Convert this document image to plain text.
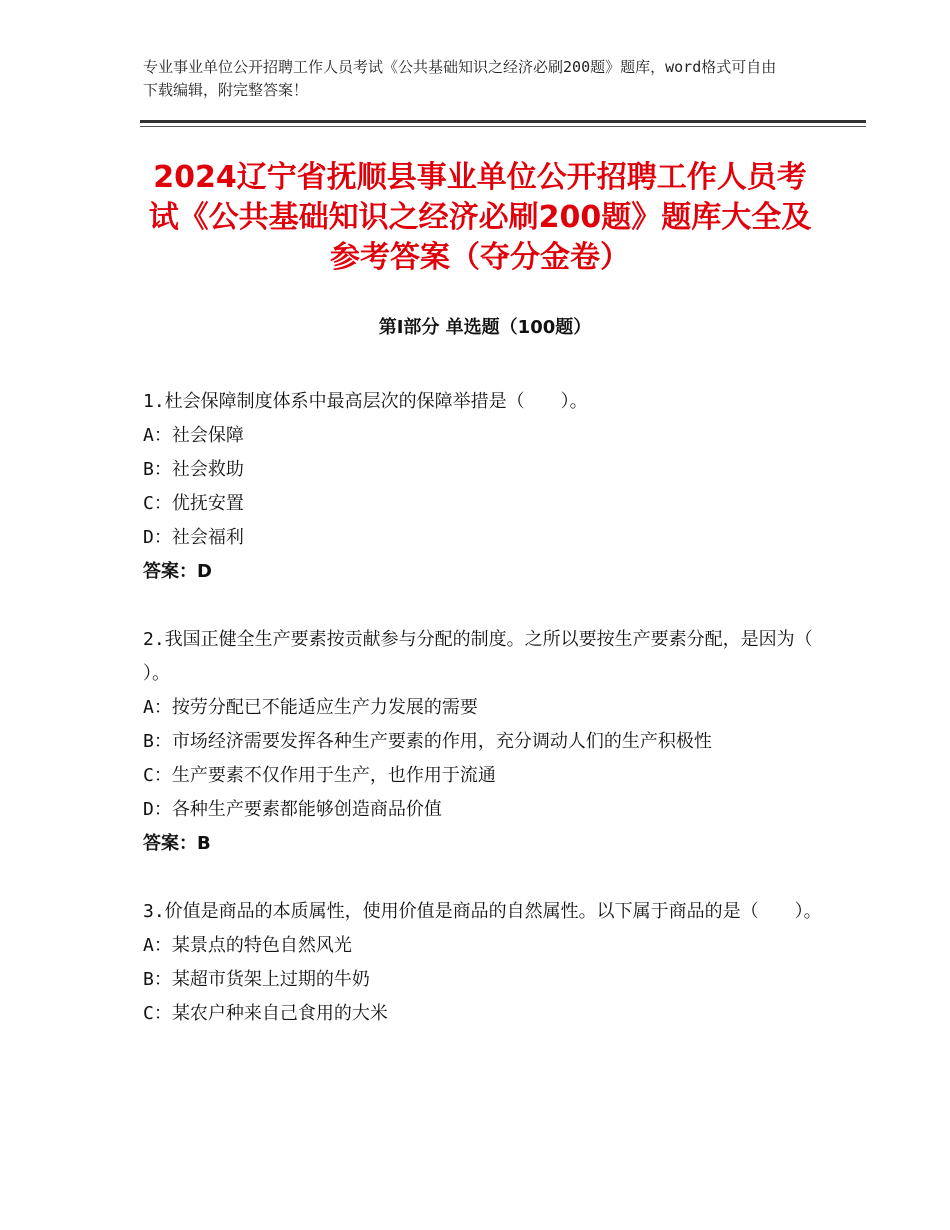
专业事业单位公开招聘工作人员考试《公共基础知识之经济必刷200题》题库，word格式可自由下载编辑，附完整答案！
2024辽宁省抚顺县事业单位公开招聘工作人员考试《公共基础知识之经济必刷200题》题库大全及参考答案（夺分金卷）
第Ⅰ部分 单选题（100题）
1.杜会保障制度体系中最高层次的保障举措是（　　）。
A：社会保障
B：社会救助
C：优抚安置
D：社会福利
答案：D
2.我国正健全生产要素按贡献参与分配的制度。之所以要按生产要素分配，是因为（　　）。
A：按劳分配已不能适应生产力发展的需要
B：市场经济需要发挥各种生产要素的作用，充分调动人们的生产积极性
C：生产要素不仅作用于生产，也作用于流通
D：各种生产要素都能够创造商品价值
答案：B
3.价值是商品的本质属性，使用价值是商品的自然属性。以下属于商品的是（　　）。
A：某景点的特色自然风光
B：某超市货架上过期的牛奶
C：某农户种来自己食用的大米
